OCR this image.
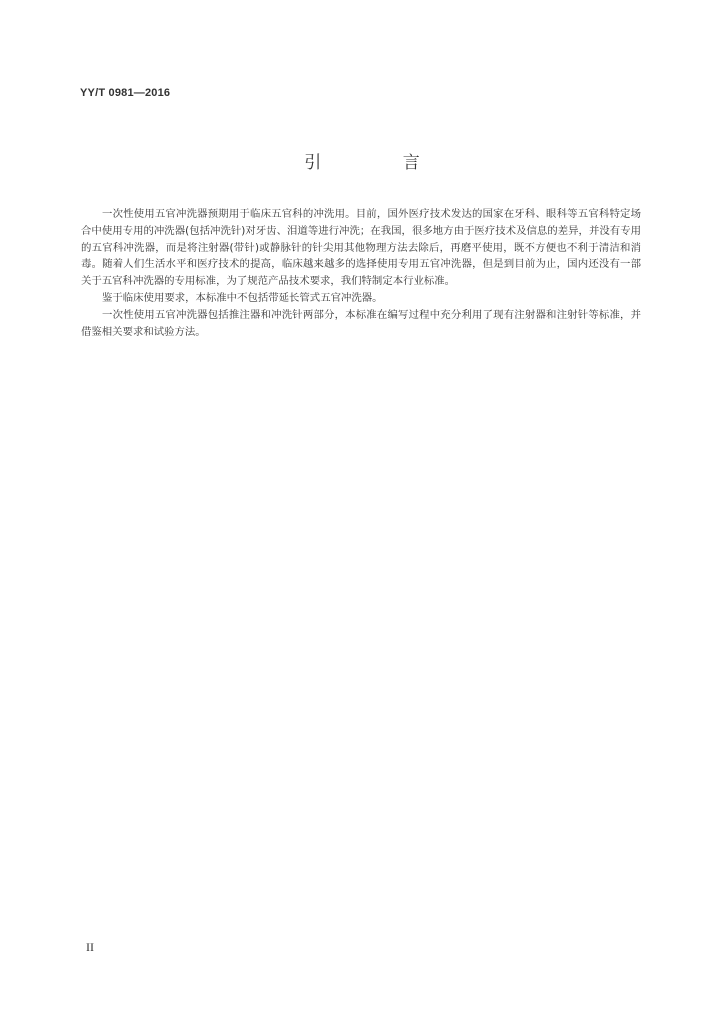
YY/T 0981—2016
引 言

一次性使用五官冲洗器预期用于临床五官科的冲洗用。目前，国外医疗技术发达的国家在牙科、眼科等五官科特定场合中使用专用的冲洗器(包括冲洗针)对牙齿、泪道等进行冲洗；在我国，很多地方由于医疗技术及信息的差异，并没有专用的五官科冲洗器，而是将注射器(带针)或静脉针的针尖用其他物理方法去除后，再磨平使用，既不方便也不利于清洁和消毒。随着人们生活水平和医疗技术的提高，临床越来越多的选择使用专用五官冲洗器，但是到目前为止，国内还没有一部关于五官科冲洗器的专用标准，为了规范产品技术要求，我们特制定本行业标准。

鉴于临床使用要求，本标准中不包括带延长管式五官冲洗器。

一次性使用五官冲洗器包括推注器和冲洗针两部分，本标准在编写过程中充分利用了现有注射器和注射针等标准，并借鉴相关要求和试验方法。

II
